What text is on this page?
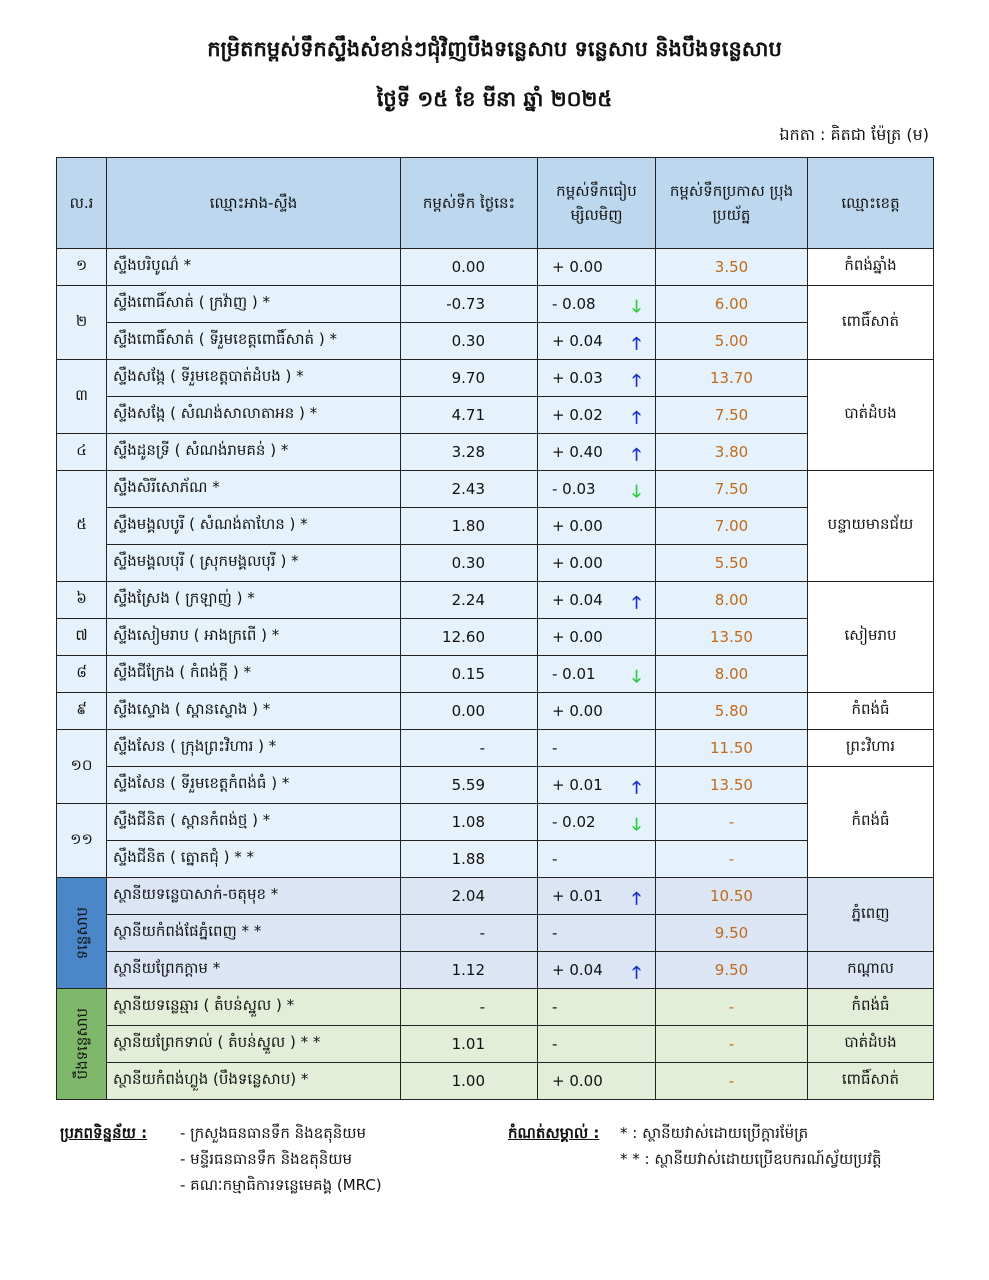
កម្រិតកម្ពស់ទឹកស្ទឹងសំខាន់ៗជុំវិញបឹងទន្លេសាប ទន្លេសាប និងបឹងទន្លេសាប
ថ្ងៃទី ១៥ ខែ មីនា ឆ្នាំ ២០២៥
ឯកតា : គិតជា ម៉ែត្រ (ម)
ល.រ	ឈ្មោះអាង-ស្ទឹង	កម្ពស់ទឹក ថ្ងៃនេះ	កម្ពស់ទឹកធៀប ម្សិលមិញ	កម្ពស់ទឹកប្រកាស ប្រុងប្រយ័ត្ន	ឈ្មោះខេត្ត
១	ស្ទឹងបរិបូណ៌ *	0.00	+ 0.00	3.50	កំពង់ឆ្នាំង
២	ស្ទឹងពោធិ៍សាត់ ( ក្រវ៉ាញ ) *	-0.73	- 0.08 🡓	6.00	ពោធិ៍សាត់
	ស្ទឹងពោធិ៍សាត់ ( ទីរួមខេត្តពោធិ៍សាត់ ) *	0.30	+ 0.04 🡑	5.00	
៣	ស្ទឹងសង្កែ ( ទីរួមខេត្តបាត់ដំបង ) *	9.70	+ 0.03 🡑	13.70	បាត់ដំបង
	ស្ទឹងសង្កែ ( សំណង់សាលាតាអន ) *	4.71	+ 0.02 🡑	7.50	
៤	ស្ទឹងដូនទ្រី ( សំណង់រាមគន់ ) *	3.28	+ 0.40 🡑	3.80	
៥	ស្ទឹងសិរីសោភ័ណ *	2.43	- 0.03 🡓	7.50	បន្ទាយមានជ័យ
	ស្ទឹងមង្គលបូរី ( សំណង់តាហែន ) *	1.80	+ 0.00	7.00	
	ស្ទឹងមង្គលបុរី ( ស្រុកមង្គលបុរី ) *	0.30	+ 0.00	5.50	
៦	ស្ទឹងស្រែង ( ក្រឡាញ់ ) *	2.24	+ 0.04 🡑	8.00	សៀមរាប
៧	ស្ទឹងសៀមរាប ( អាងក្រពើ ) *	12.60	+ 0.00	13.50	
៨	ស្ទឹងជីក្រែង ( កំពង់ក្ដី ) *	0.15	- 0.01 🡓	8.00	
៩	ស្ទឹងស្ទោង ( ស្ពានស្ទោង ) *	0.00	+ 0.00	5.80	កំពង់ធំ
១០	ស្ទឹងសែន ( ក្រុងព្រះវិហារ ) *	-	-	11.50	ព្រះវិហារ
	ស្ទឹងសែន ( ទីរួមខេត្តកំពង់ធំ ) *	5.59	+ 0.01 🡑	13.50	កំពង់ធំ
១១	ស្ទឹងជីនិត ( ស្ពានកំពង់ថ្ម ) *	1.08	- 0.02 🡓	-	
	ស្ទឹងជីនិត ( ត្នោតជុំ ) * *	1.88	-	-	

ទន្លេសាប	ស្ថានីយទន្លេបាសាក់-ចតុមុខ *	2.04	+ 0.01 🡑	10.50	ភ្នំពេញ
	ស្ថានីយកំពង់ផែភ្នំពេញ * *	-	-	9.50	
	ស្ថានីយព្រែកក្ដាម *	1.12	+ 0.04 🡑	9.50	កណ្ដាល

បឹងទន្លេសាប	ស្ថានីយទន្លេឆ្មារ ( តំបន់ស្នួល ) *	-	-	-	កំពង់ធំ
	ស្ថានីយព្រែកទាល់ ( តំបន់ស្នួល ) * *	1.01	-	-	បាត់ដំបង
	ស្ថានីយកំពង់ហ្លួង (បឹងទន្លេសាប) *	1.00	+ 0.00	-	ពោធិ៍សាត់
ប្រភពទិន្នន័យ : - ក្រសួងធនធានទឹក និងឧតុនិយម
- មន្ទីរធនធានទឹក និងឧតុនិយម
- គណៈកម្មាធិការទន្លេមេគង្គ (MRC)
កំណត់សម្គាល់ : * : ស្ថានីយវាស់ដោយប្រើក្ដារម៉ែត្រ
* * : ស្ថានីយវាស់ដោយប្រើឧបករណ៍ស្វ័យប្រវត្តិ
